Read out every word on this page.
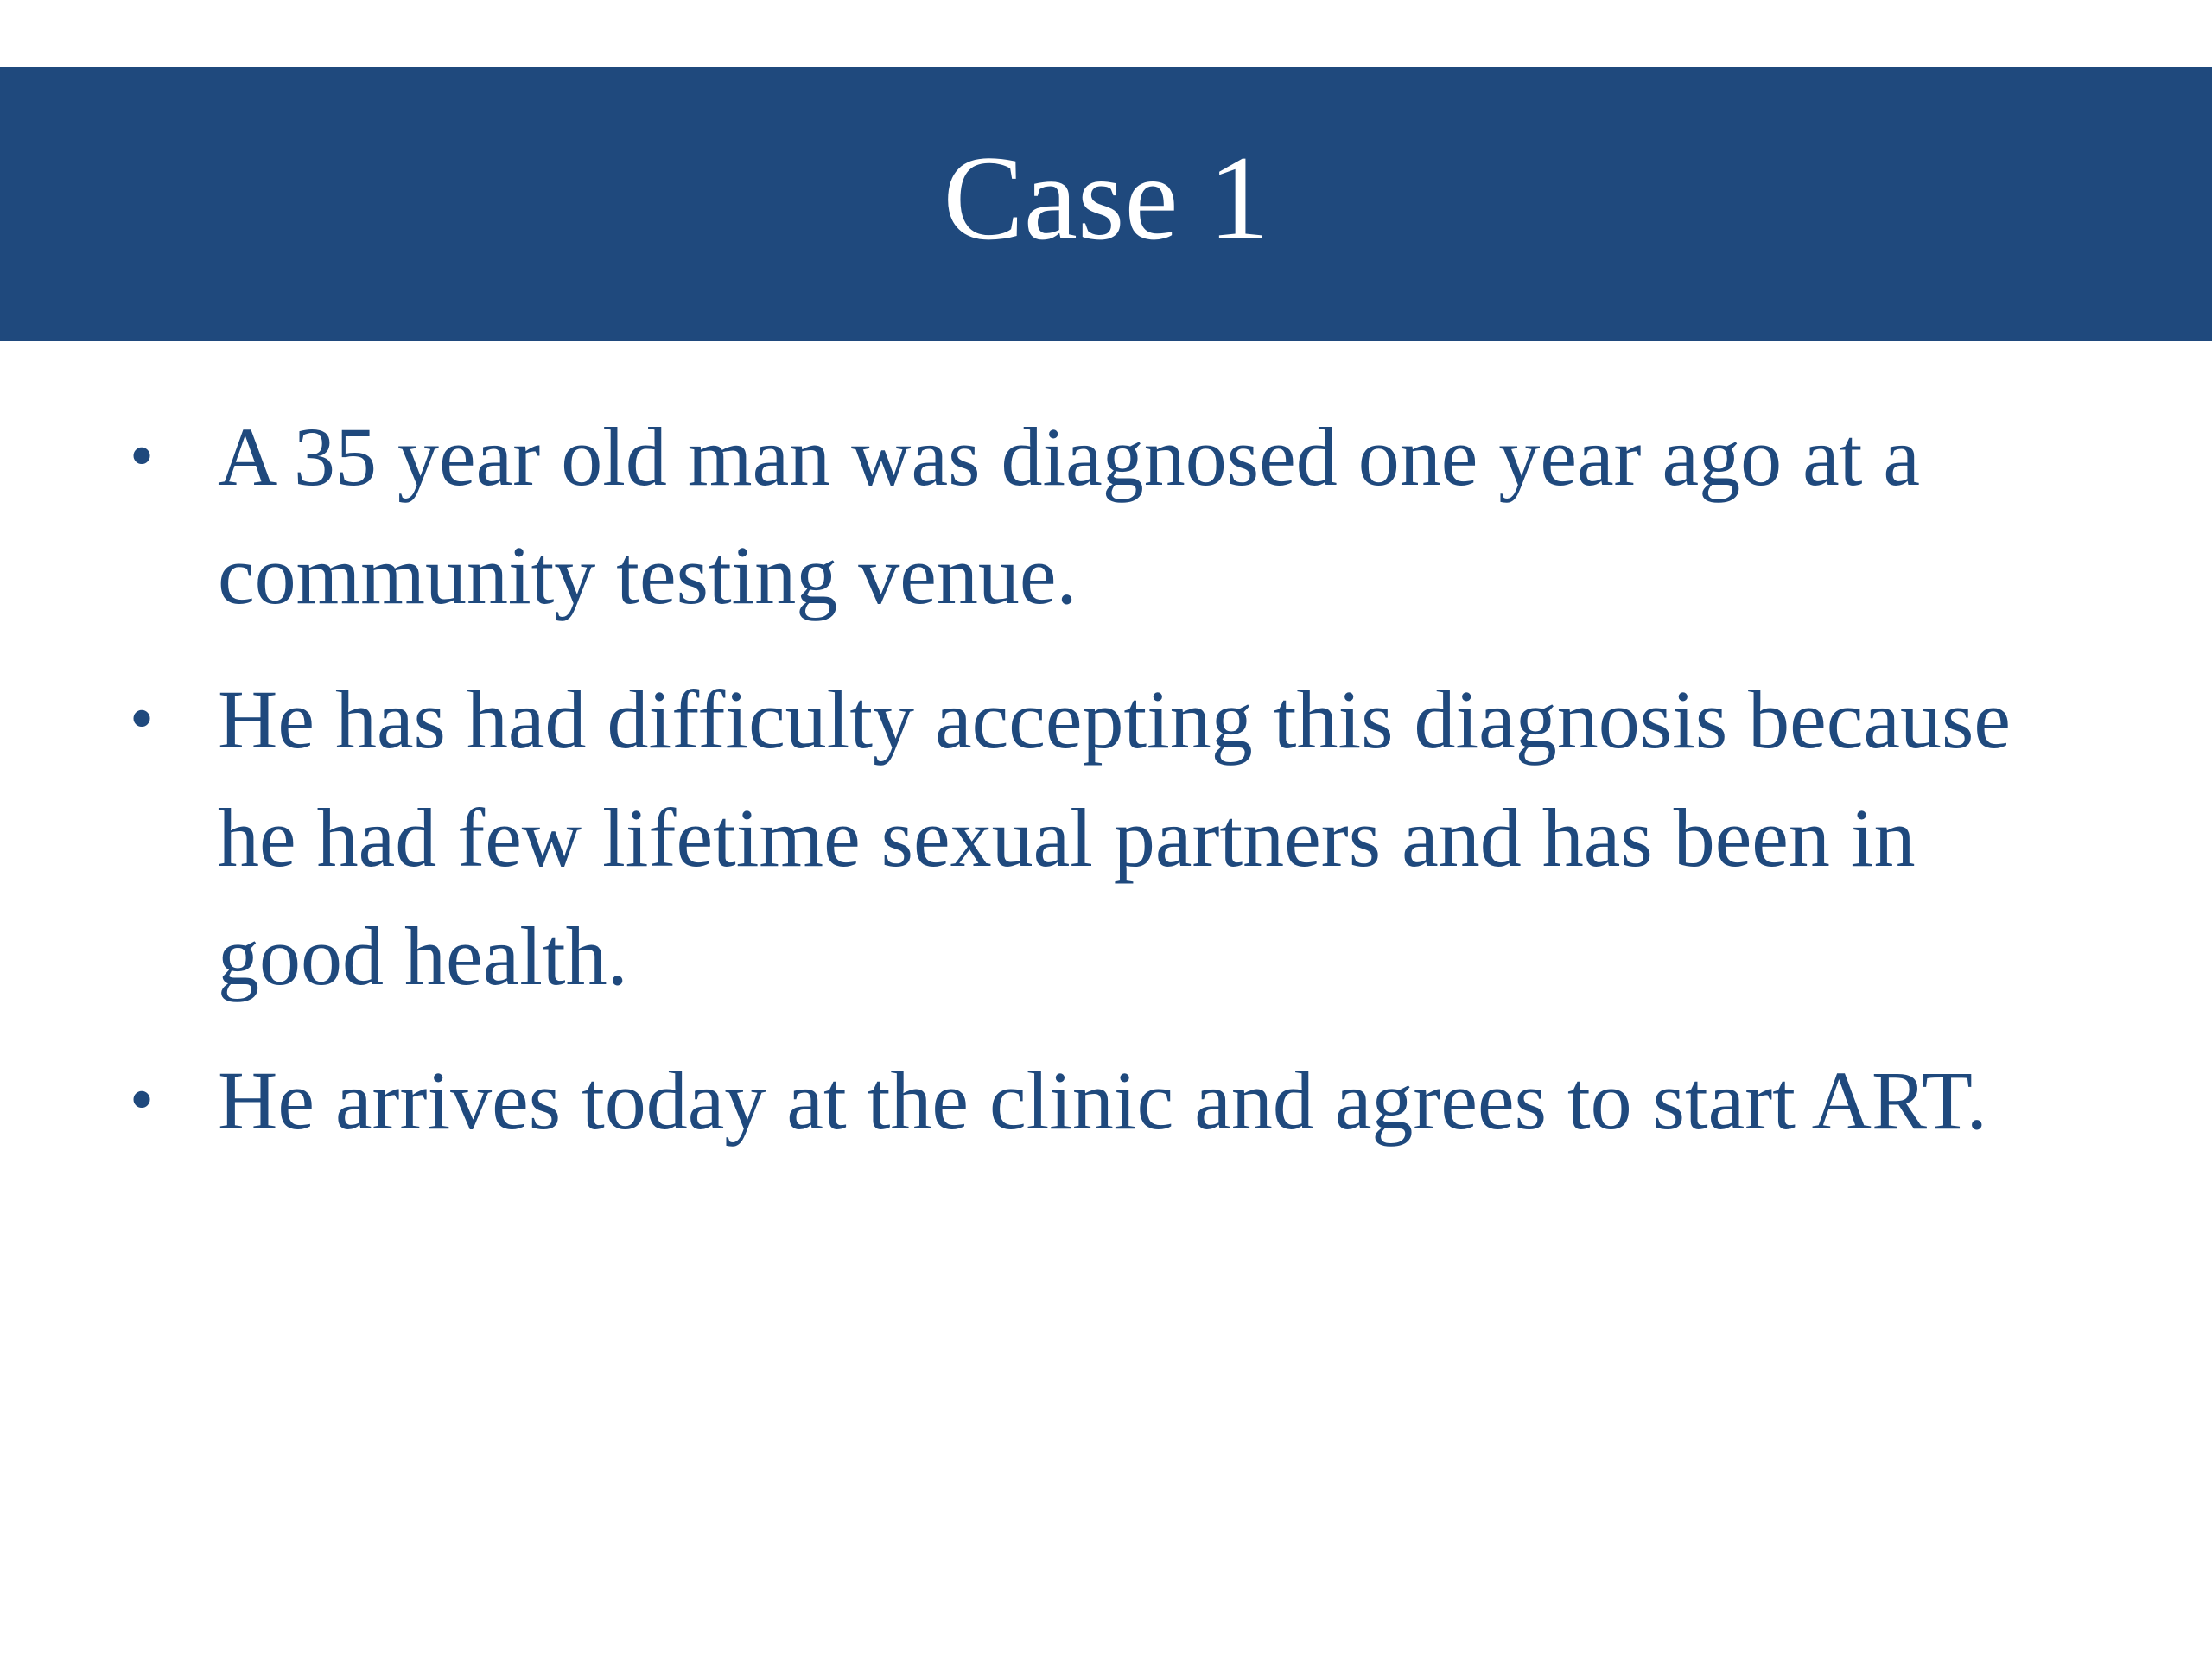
Case 1
• A 35 year old man was diagnosed one year ago at a community testing venue.
• He has had difficulty accepting this diagnosis because he had few lifetime sexual partners and has been in good health.
• He arrives today at the clinic and agrees to start ART.
